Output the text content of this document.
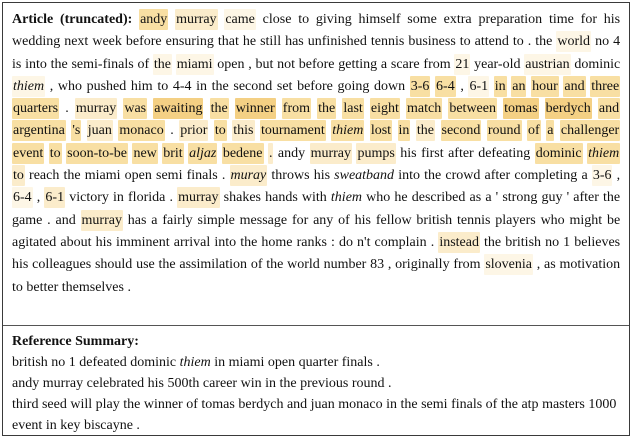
Article (truncated): andy murray came close to giving himself some extra preparation time for his wedding next week before ensuring that he still has unfinished tennis business to attend to . the world no 4 is into the semi-finals of the miami open , but not before getting a scare from 21 year-old austrian dominic thiem , who pushed him to 4-4 in the second set before going down 3-6 6-4 , 6-1 in an hour and three quarters . murray was awaiting the winner from the last eight match between tomas berdych and argentina 's juan monaco . prior to this tournament thiem lost in the second round of a challenger event to soon-to-be new brit aljaz bedene . andy murray pumps his first after defeating dominic thiem to reach the miami open semi finals . muray throws his sweatband into the crowd after completing a 3-6 , 6-4 , 6-1 victory in florida . murray shakes hands with thiem who he described as a ' strong guy ' after the game . and murray has a fairly simple message for any of his fellow british tennis players who might be agitated about his imminent arrival into the home ranks : do n't complain . instead the british no 1 believes his colleagues should use the assimilation of the world number 83 , originally from slovenia , as motivation to better themselves .
Reference Summary:
british no 1 defeated dominic thiem in miami open quarter finals .
andy murray celebrated his 500th career win in the previous round .
third seed will play the winner of tomas berdych and juan monaco in the semi finals of the atp masters 1000 event in key biscayne .
